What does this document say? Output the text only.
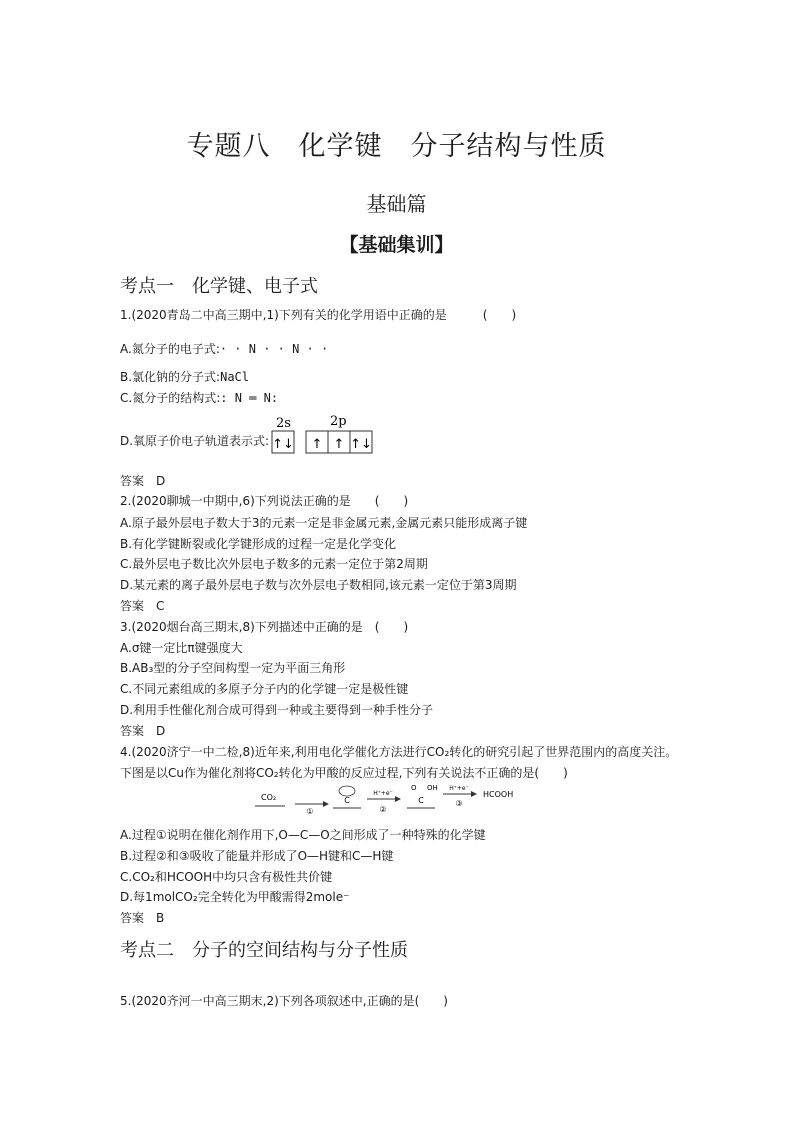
专题八　化学键　分子结构与性质
基础篇
【基础集训】
考点一　化学键、电子式
1.(2020青岛二中高三期中,1)下列有关的化学用语中正确的是　　　(　　)
A.氮分子的电子式:· · N · · N · ·
B.氯化钠的分子式:NaCl
C.氮分子的结构式:: N ═ N:
D.氧原子价电子轨道表示式:
2s	2p
↑↓ ↑ ↑ ↑↓
答案　D
2.(2020聊城一中期中,6)下列说法正确的是　　(　　)
A.原子最外层电子数大于3的元素一定是非金属元素,金属元素只能形成离子键
B.有化学键断裂或化学键形成的过程一定是化学变化
C.最外层电子数比次外层电子数多的元素一定位于第2周期
D.某元素的离子最外层电子数与次外层电子数相同,该元素一定位于第3周期
答案　C
3.(2020烟台高三期末,8)下列描述中正确的是　(　　)
A.σ键一定比π键强度大
B.AB₃型的分子空间构型一定为平面三角形
C.不同元素组成的多原子分子内的化学键一定是极性键
D.利用手性催化剂合成可得到一种或主要得到一种手性分子
答案　D
4.(2020济宁一中二检,8)近年来,利用电化学催化方法进行CO₂转化的研究引起了世界范围内的高度关注。
下图是以Cu作为催化剂将CO₂转化为甲酸的反应过程,下列有关说法不正确的是(　　)
CO₂
①
C
H⁺+e⁻
②
O OH
C
H⁺+e⁻
③
HCOOH
A.过程①说明在催化剂作用下,O—C—O之间形成了一种特殊的化学键
B.过程②和③吸收了能量并形成了O—H键和C—H键
C.CO₂和HCOOH中均只含有极性共价键
D.每1molCO₂完全转化为甲酸需得2mole⁻
答案　B
考点二　分子的空间结构与分子性质
5.(2020齐河一中高三期末,2)下列各项叙述中,正确的是(　　)
